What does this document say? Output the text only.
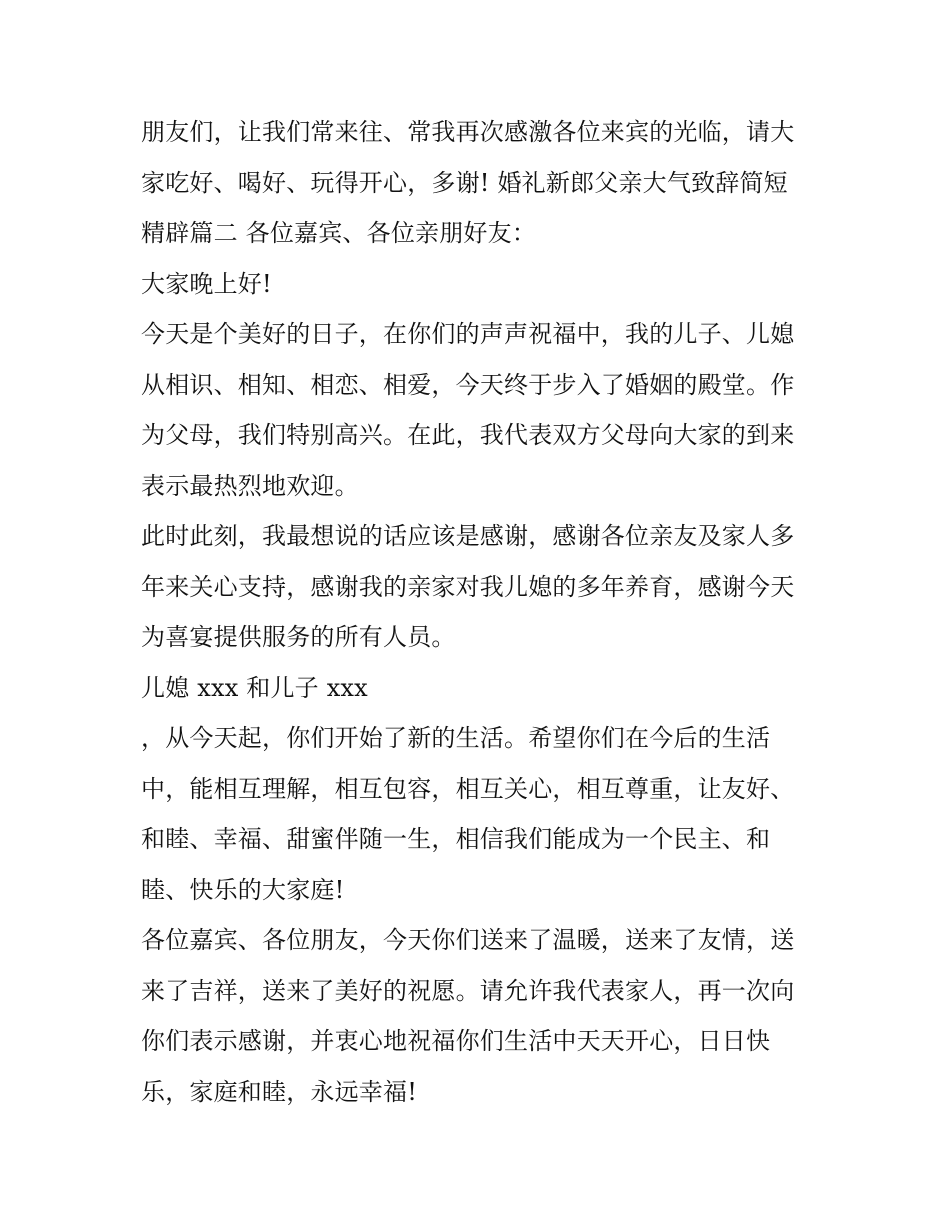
朋友们，让我们常来往、常我再次感激各位来宾的光临，请大
家吃好、喝好、玩得开心，多谢! 婚礼新郎父亲大气致辞简短
精辟篇二 各位嘉宾、各位亲朋好友：
大家晚上好!
今天是个美好的日子，在你们的声声祝福中，我的儿子、儿媳
从相识、相知、相恋、相爱，今天终于步入了婚姻的殿堂。作
为父母，我们特别高兴。在此，我代表双方父母向大家的到来
表示最热烈地欢迎。
此时此刻，我最想说的话应该是感谢，感谢各位亲友及家人多
年来关心支持，感谢我的亲家对我儿媳的多年养育，感谢今天
为喜宴提供服务的所有人员。
儿媳 xxx 和儿子 xxx
，从今天起，你们开始了新的生活。希望你们在今后的生活
中，能相互理解，相互包容，相互关心，相互尊重，让友好、
和睦、幸福、甜蜜伴随一生，相信我们能成为一个民主、和
睦、快乐的大家庭!
各位嘉宾、各位朋友，今天你们送来了温暖，送来了友情，送
来了吉祥，送来了美好的祝愿。请允许我代表家人，再一次向
你们表示感谢，并衷心地祝福你们生活中天天开心，日日快
乐，家庭和睦，永远幸福!
